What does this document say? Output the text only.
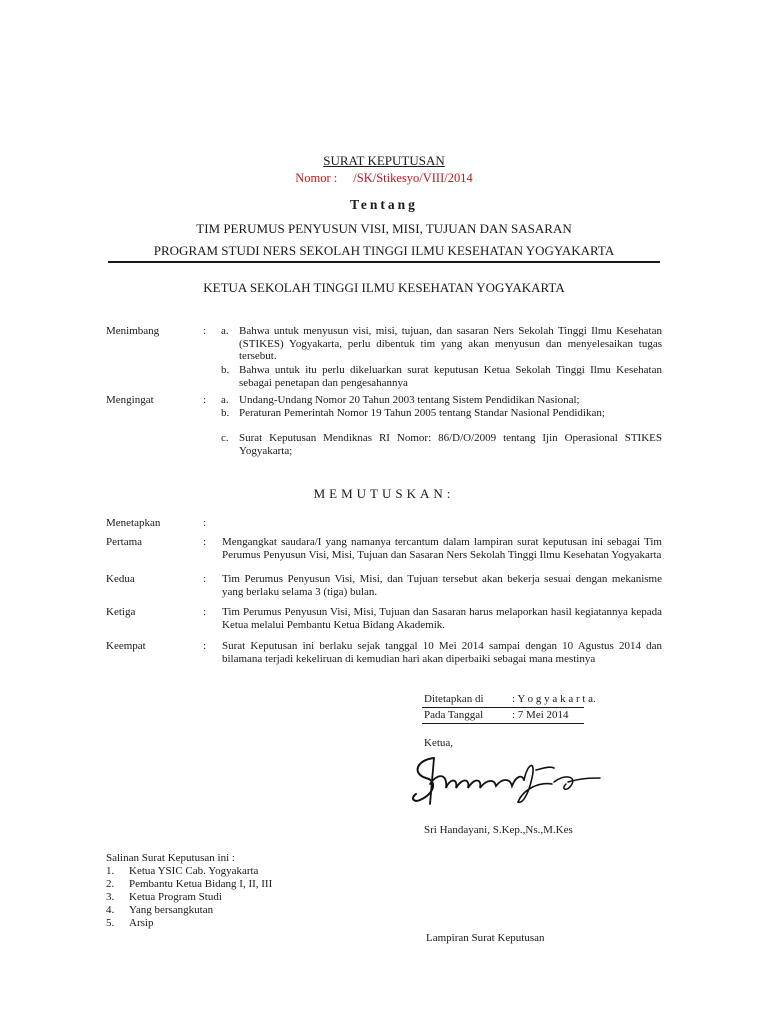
SURAT KEPUTUSAN
Nomor : /SK/Stikesyo/VIII/2014
Tentang
TIM PERUMUS PENYUSUN VISI, MISI, TUJUAN DAN SASARAN
PROGRAM STUDI NERS SEKOLAH TINGGI ILMU KESEHATAN YOGYAKARTA
KETUA SEKOLAH TINGGI ILMU KESEHATAN YOGYAKARTA
Menimbang	: a. Bahwa untuk menyusun visi, misi, tujuan, dan sasaran Ners Sekolah Tinggi Ilmu Kesehatan (STIKES) Yogyakarta, perlu dibentuk tim yang akan menyusun dan menyelesaikan tugas tersebut.
b. Bahwa untuk itu perlu dikeluarkan surat keputusan Ketua Sekolah Tinggi Ilmu Kesehatan sebagai penetapan dan pengesahannya
Mengingat	: a. Undang-Undang Nomor 20 Tahun 2003 tentang Sistem Pendidikan Nasional;
b. Peraturan Pemerintah Nomor 19 Tahun 2005 tentang Standar Nasional Pendidikan;
c. Surat Keputusan Mendiknas RI Nomor: 86/D/O/2009 tentang Ijin Operasional STIKES Yogyakarta;
MEMUTUSKAN:
Menetapkan	:
Pertama	: Mengangkat saudara/I yang namanya tercantum dalam lampiran surat keputusan ini sebagai Tim Perumus Penyusun Visi, Misi, Tujuan dan Sasaran Ners Sekolah Tinggi Ilmu Kesehatan Yogyakarta
Kedua	: Tim Perumus Penyusun Visi, Misi, dan Tujuan tersebut akan bekerja sesuai dengan mekanisme yang berlaku selama 3 (tiga) bulan.
Ketiga	: Tim Perumus Penyusun Visi, Misi, Tujuan dan Sasaran harus melaporkan hasil kegiatannya kepada Ketua melalui Pembantu Ketua Bidang Akademik.
Keempat	: Surat Keputusan ini berlaku sejak tanggal 10 Mei 2014 sampai dengan 10 Agustus 2014 dan bilamana terjadi kekeliruan di kemudian hari akan diperbaiki sebagai mana mestinya
Ditetapkan di	: Y o g y a k a r t a.
Pada Tanggal	: 7 Mei 2014
Ketua,
Sri Handayani, S.Kep.,Ns.,M.Kes
Salinan Surat Keputusan ini :
1. Ketua YSIC Cab. Yogyakarta
2. Pembantu Ketua Bidang I, II, III
3. Ketua Program Studi
4. Yang bersangkutan
5. Arsip
Lampiran Surat Keputusan
